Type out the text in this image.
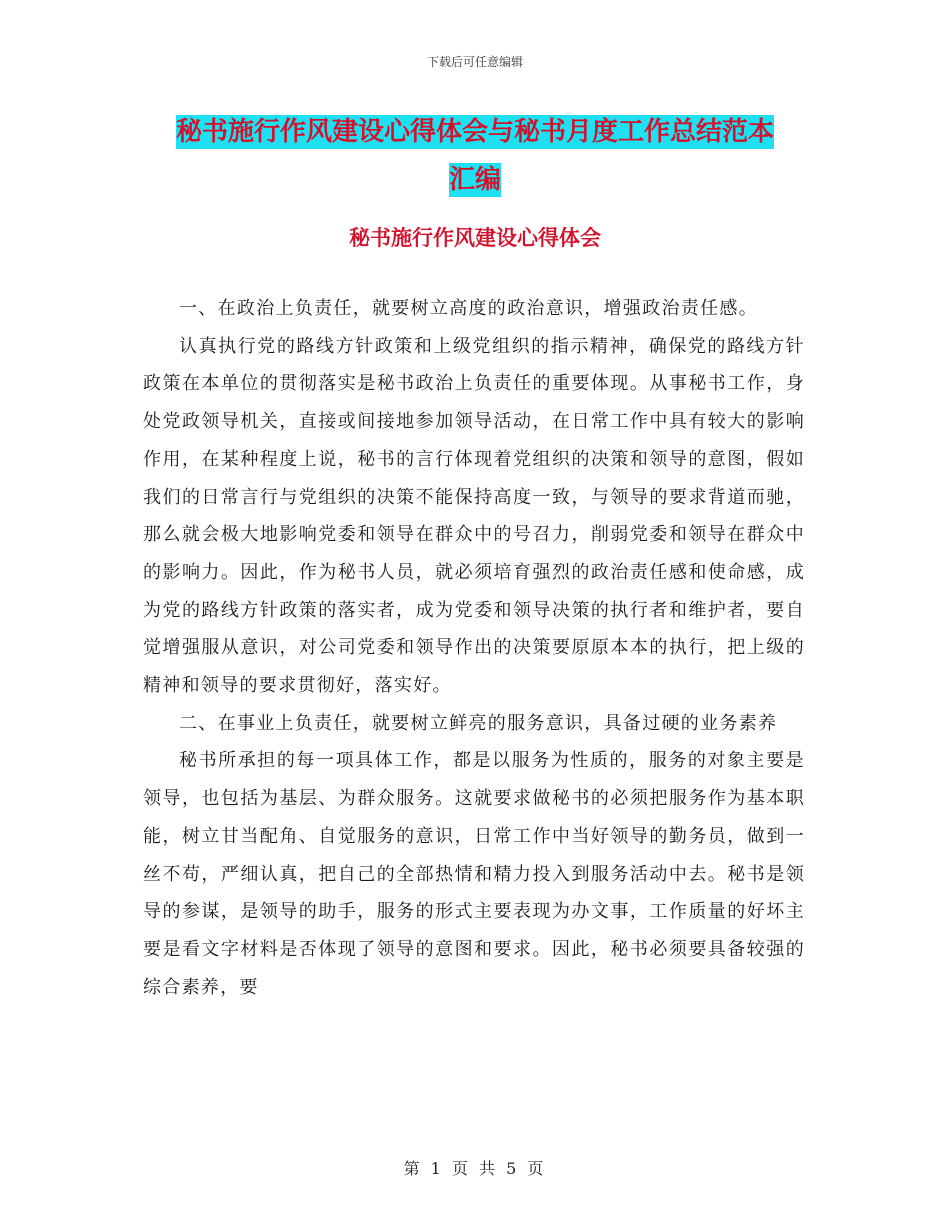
下载后可任意编辑
秘书施行作风建设心得体会与秘书月度工作总结范本
汇编
秘书施行作风建设心得体会

一、在政治上负责任，就要树立高度的政治意识，增强政治责任感。

认真执行党的路线方针政策和上级党组织的指示精神，确保党的路线方针政策在本单位的贯彻落实是秘书政治上负责任的重要体现。从事秘书工作，身处党政领导机关，直接或间接地参加领导活动，在日常工作中具有较大的影响作用，在某种程度上说，秘书的言行体现着党组织的决策和领导的意图，假如我们的日常言行与党组织的决策不能保持高度一致，与领导的要求背道而驰，那么就会极大地影响党委和领导在群众中的号召力，削弱党委和领导在群众中的影响力。因此，作为秘书人员，就必须培育强烈的政治责任感和使命感，成为党的路线方针政策的落实者，成为党委和领导决策的执行者和维护者，要自觉增强服从意识，对公司党委和领导作出的决策要原原本本的执行，把上级的精神和领导的要求贯彻好，落实好。

二、在事业上负责任，就要树立鲜亮的服务意识，具备过硬的业务素养

秘书所承担的每一项具体工作，都是以服务为性质的，服务的对象主要是领导，也包括为基层、为群众服务。这就要求做秘书的必须把服务作为基本职能，树立甘当配角、自觉服务的意识，日常工作中当好领导的勤务员，做到一丝不苟，严细认真，把自己的全部热情和精力投入到服务活动中去。秘书是领导的参谋，是领导的助手，服务的形式主要表现为办文事，工作质量的好坏主要是看文字材料是否体现了领导的意图和要求。因此，秘书必须要具备较强的综合素养，要

第 1 页 共 5 页
